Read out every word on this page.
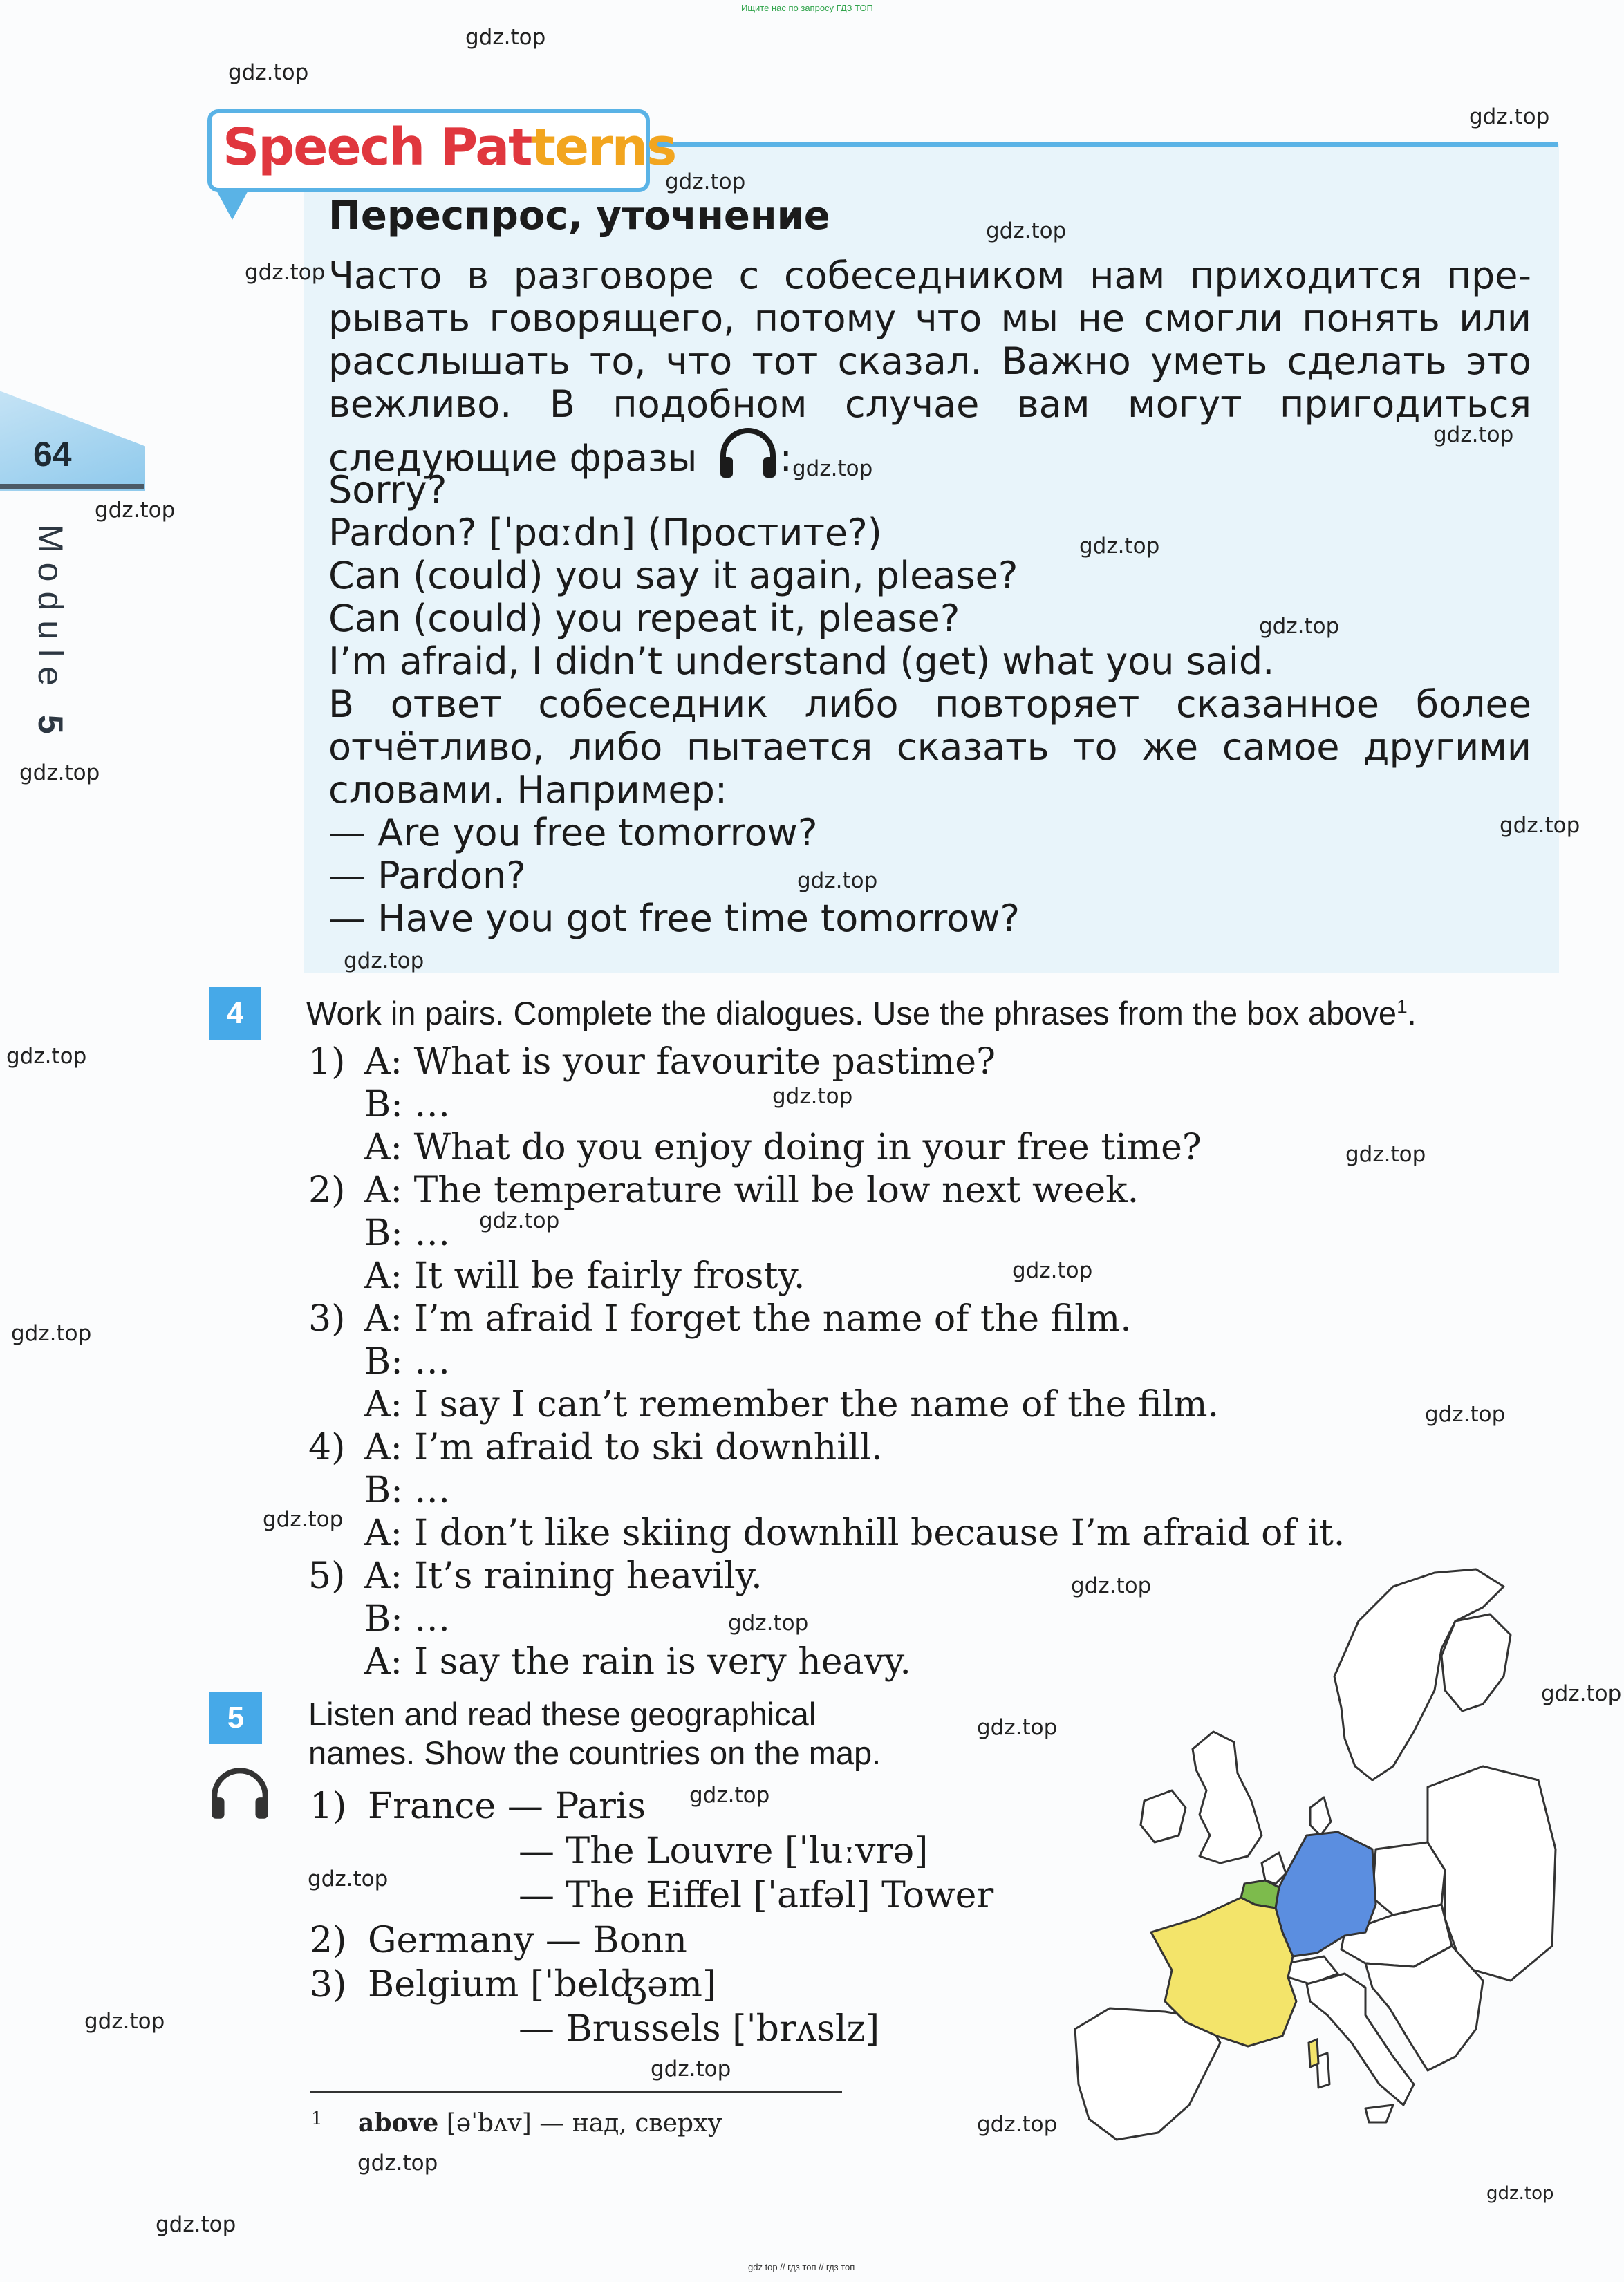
Ищите нас по запросу ГДЗ ТОП
gdz top // гдз топ // гдз топ
64
Module 5
Speech Patterns
Переспрос, уточнение
Часто в разговоре с собеседником нам приходится пре-
рывать говорящего, потому что мы не смогли понять или
расслышать то, что тот сказал. Важно уметь сделать это
вежливо. В подобном случае вам могут пригодиться
следующие фразы :
Sorry?
Pardon? [ˈpɑːdn] (Простите?)
Can (could) you say it again, please?
Can (could) you repeat it, please?
I’m afraid, I didn’t understand (get) what you said.
В ответ собеседник либо повторяет сказанное более
отчётливо, либо пытается сказать то же самое другими
словами. Например:
— Are you free tomorrow?
— Pardon?
— Have you got free time tomorrow?
4	Work in pairs. Complete the dialogues. Use the phrases from the box above$^1$.
1) A: What is your favourite pastime?
B: …
A: What do you enjoy doing in your free time?
2) A: The temperature will be low next week.
B: …
A: It will be fairly frosty.
3) A: I’m afraid I forget the name of the film.
B: …
A: I say I can’t remember the name of the film.
4) A: I’m afraid to ski downhill.
B: …
A: I don’t like skiing downhill because I’m afraid of it.
5) A: It’s raining heavily.
B: …
A: I say the rain is very heavy.
5	Listen and read these geographical
names. Show the countries on the map.
1) France — Paris
— The Louvre [ˈluːvrə]
— The Eiffel [ˈaɪfəl] Tower
2) Germany — Bonn
3) Belgium [ˈbelʤəm]
— Brussels [ˈbrʌslz]
1 above [əˈbʌv] — над, сверху
gdz.top
gdz.top
gdz.top
gdz.top
gdz.top
gdz.top
gdz.top
gdz.top
gdz.top
gdz.top
gdz.top
gdz.top
gdz.top
gdz.top
gdz.top
gdz.top
gdz.top
gdz.top
gdz.top
gdz.top
gdz.top
gdz.top
gdz.top
gdz.top
gdz.top
gdz.top
gdz.top
gdz.top
gdz.top
gdz.top
gdz.top
gdz.top
gdz.top
gdz.top
gdz.top
